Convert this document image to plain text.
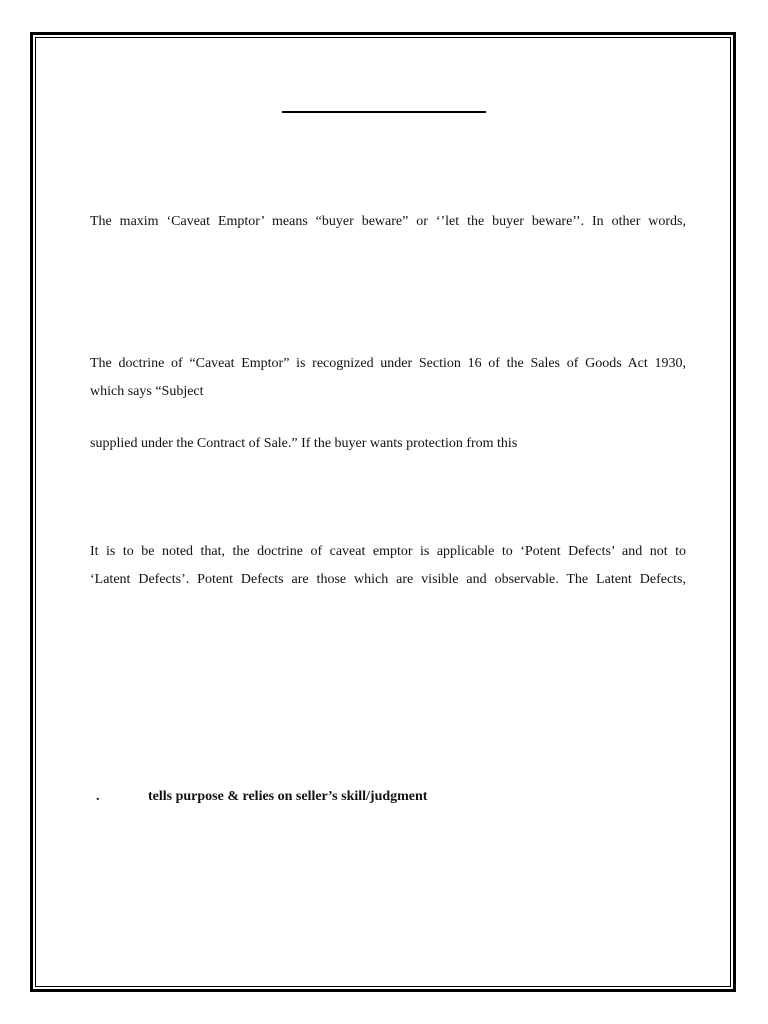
The maxim ‘Caveat Emptor’ means “buyer beware” or ‘’let the buyer beware’’. In other words,

The doctrine of “Caveat Emptor” is recognized under Section 16 of the Sales of Goods Act 1930,
which says “Subject

supplied under the Contract of Sale.” If the buyer wants protection from this

It is to be noted that, the doctrine of caveat emptor is applicable to ‘Potent Defects’ and not to
‘Latent Defects’. Potent Defects are those which are visible and observable. The Latent Defects,

.	tells purpose & relies on seller’s skill/judgment
